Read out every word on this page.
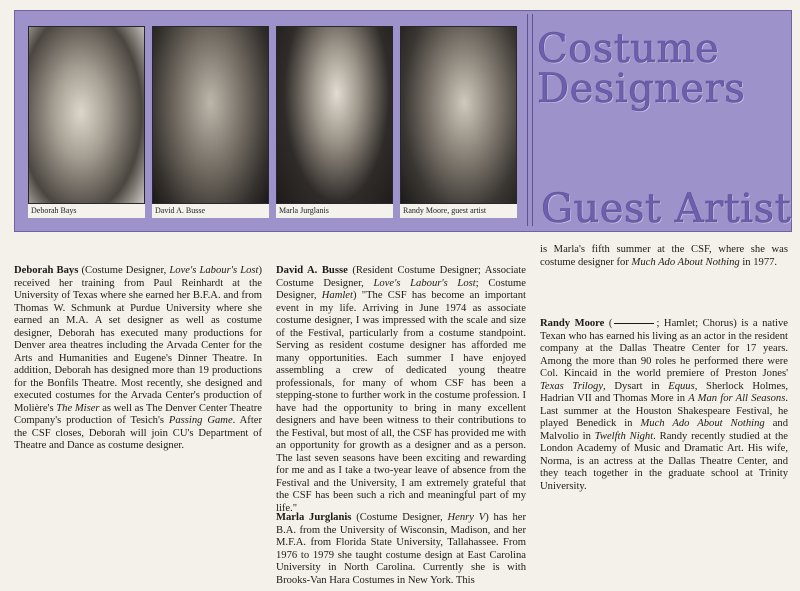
Deborah Bays	David A. Busse	Marla Jurglanis	Randy Moore, guest artist
Costume
Designers
Guest Artist
Deborah Bays (Costume Designer, Love's Labour's Lost) received her training from Paul Reinhardt at the University of Texas where she earned her B.F.A. and from Thomas W. Schmunk at Purdue University where she earned an M.A. A set designer as well as costume designer, Deborah has executed many productions for Denver area theatres including the Arvada Center for the Arts and Humanities and Eugene's Dinner Theatre. In addition, Deborah has designed more than 19 productions for the Bonfils Theatre. Most recently, she designed and executed costumes for the Arvada Center's production of Molière's The Miser as well as The Denver Center Theatre Company's production of Tesich's Passing Game. After the CSF closes, Deborah will join CU's Department of Theatre and Dance as costume designer.
David A. Busse (Resident Costume Designer; Associate Costume Designer, Love's Labour's Lost; Costume Designer, Hamlet) "The CSF has become an important event in my life. Arriving in June 1974 as associate costume designer, I was impressed with the scale and size of the Festival, particularly from a costume standpoint. Serving as resident costume designer has afforded me many opportunities. Each summer I have enjoyed assembling a crew of dedicated young theatre professionals, for many of whom CSF has been a stepping-stone to further work in the costume profession. I have had the opportunity to bring in many excellent designers and have been witness to their contributions to the Festival, but most of all, the CSF has provided me with an opportunity for growth as a designer and as a person. The last seven seasons have been exciting and rewarding for me and as I take a two-year leave of absence from the Festival and the University, I am extremely grateful that the CSF has been such a rich and meaningful part of my life."
Marla Jurglanis (Costume Designer, Henry V) has her B.A. from the University of Wisconsin, Madison, and her M.F.A. from Florida State University, Tallahassee. From 1976 to 1979 she taught costume design at East Carolina University in North Carolina. Currently she is with Brooks-Van Hara Costumes in New York. This
is Marla's fifth summer at the CSF, where she was costume designer for Much Ado About Nothing in 1977.
Randy Moore (	; Hamlet; Chorus) is a native Texan who has earned his living as an actor in the resident company at the Dallas Theatre Center for 17 years. Among the more than 90 roles he performed there were Col. Kincaid in the world premiere of Preston Jones' Texas Trilogy, Dysart in Equus, Sherlock Holmes, Hadrian VII and Thomas More in A Man for All Seasons. Last summer at the Houston Shakespeare Festival, he played Benedick in Much Ado About Nothing and Malvolio in Twelfth Night. Randy recently studied at the London Academy of Music and Dramatic Art. His wife, Norma, is an actress at the Dallas Theatre Center, and they teach together in the graduate school at Trinity University.
